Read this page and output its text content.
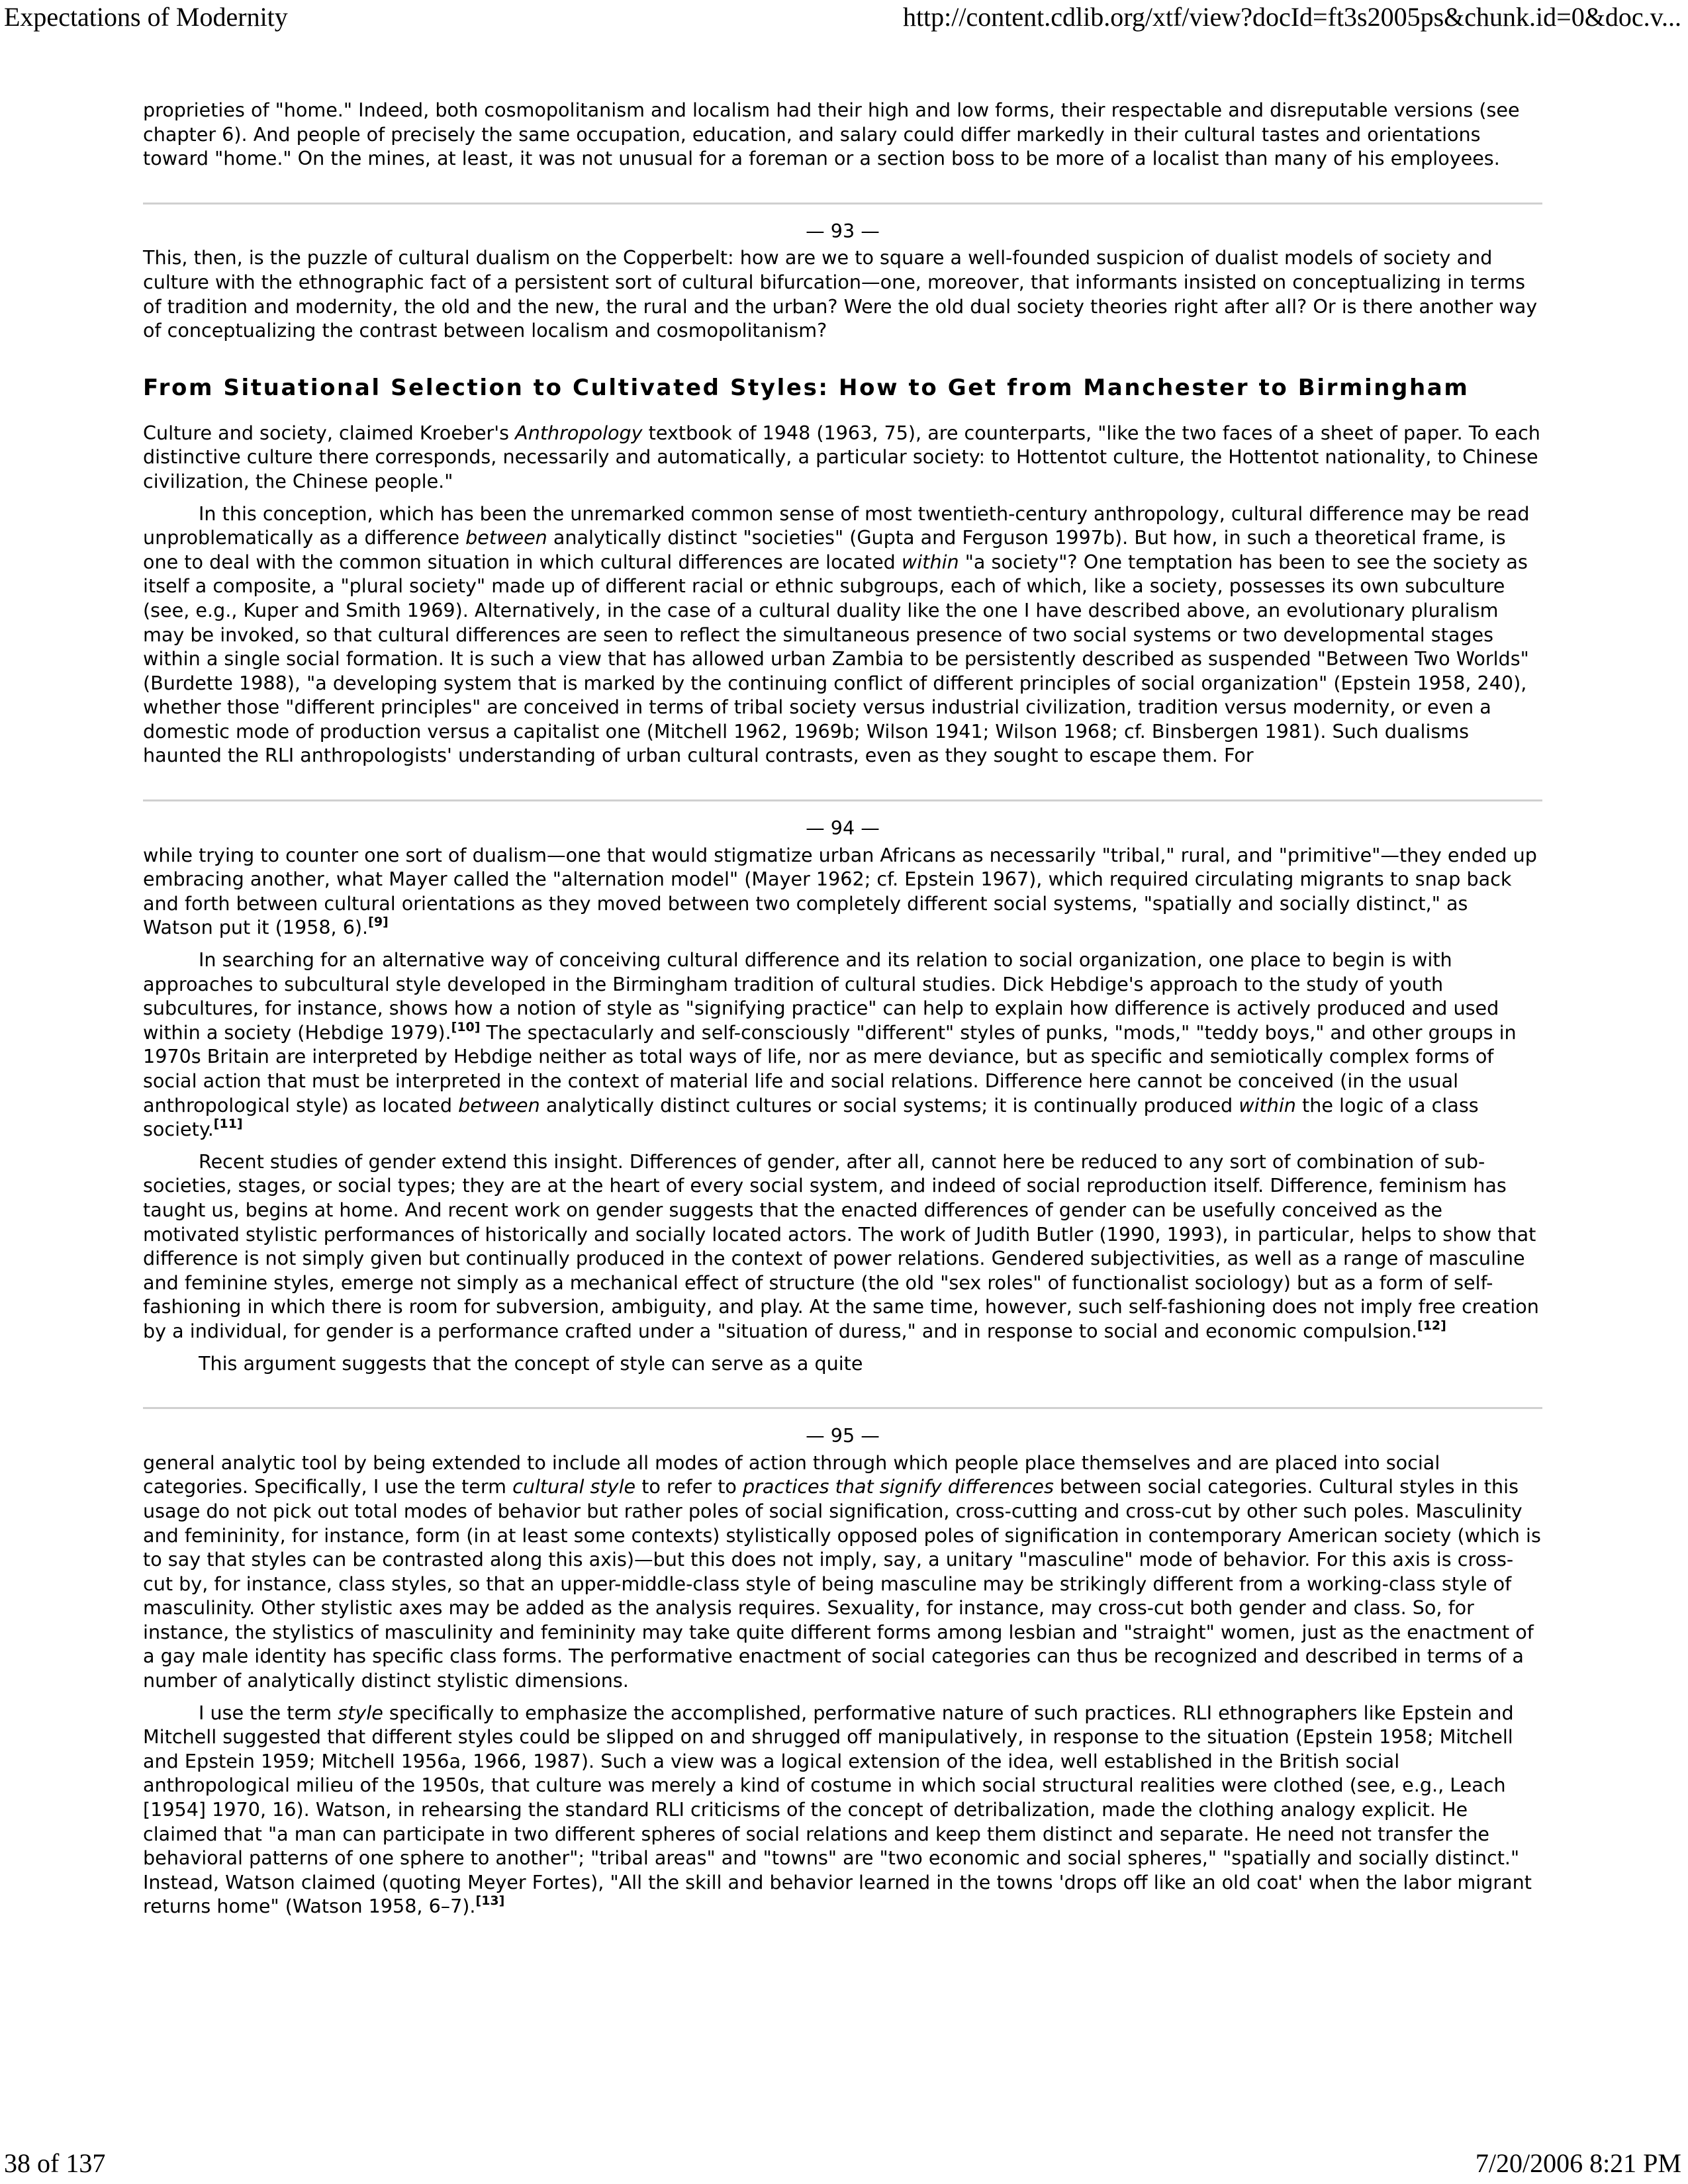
Expectations of Modernity	http://content.cdlib.org/xtf/view?docId=ft3s2005ps&chunk.id=0&doc.v...

proprieties of "home." Indeed, both cosmopolitanism and localism had their high and low forms, their respectable and disreputable versions (see chapter 6). And people of precisely the same occupation, education, and salary could differ markedly in their cultural tastes and orientations toward "home." On the mines, at least, it was not unusual for a foreman or a section boss to be more of a localist than many of his employees.

— 93 —

This, then, is the puzzle of cultural dualism on the Copperbelt: how are we to square a well-founded suspicion of dualist models of society and culture with the ethnographic fact of a persistent sort of cultural bifurcation—one, moreover, that informants insisted on conceptualizing in terms of tradition and modernity, the old and the new, the rural and the urban? Were the old dual society theories right after all? Or is there another way of conceptualizing the contrast between localism and cosmopolitanism?

From Situational Selection to Cultivated Styles: How to Get from Manchester to Birmingham

Culture and society, claimed Kroeber's Anthropology textbook of 1948 (1963, 75), are counterparts, "like the two faces of a sheet of paper. To each distinctive culture there corresponds, necessarily and automatically, a particular society: to Hottentot culture, the Hottentot nationality, to Chinese civilization, the Chinese people."

In this conception, which has been the unremarked common sense of most twentieth-century anthropology, cultural difference may be read unproblematically as a difference between analytically distinct "societies" (Gupta and Ferguson 1997b). But how, in such a theoretical frame, is one to deal with the common situation in which cultural differences are located within "a society"? One temptation has been to see the society as itself a composite, a "plural society" made up of different racial or ethnic subgroups, each of which, like a society, possesses its own subculture (see, e.g., Kuper and Smith 1969). Alternatively, in the case of a cultural duality like the one I have described above, an evolutionary pluralism may be invoked, so that cultural differences are seen to reflect the simultaneous presence of two social systems or two developmental stages within a single social formation. It is such a view that has allowed urban Zambia to be persistently described as suspended "Between Two Worlds" (Burdette 1988), "a developing system that is marked by the continuing conflict of different principles of social organization" (Epstein 1958, 240), whether those "different principles" are conceived in terms of tribal society versus industrial civilization, tradition versus modernity, or even a domestic mode of production versus a capitalist one (Mitchell 1962, 1969b; Wilson 1941; Wilson 1968; cf. Binsbergen 1981). Such dualisms haunted the RLI anthropologists' understanding of urban cultural contrasts, even as they sought to escape them. For

— 94 —

while trying to counter one sort of dualism—one that would stigmatize urban Africans as necessarily "tribal," rural, and "primitive"—they ended up embracing another, what Mayer called the "alternation model" (Mayer 1962; cf. Epstein 1967), which required circulating migrants to snap back and forth between cultural orientations as they moved between two completely different social systems, "spatially and socially distinct," as Watson put it (1958, 6).[9]

In searching for an alternative way of conceiving cultural difference and its relation to social organization, one place to begin is with approaches to subcultural style developed in the Birmingham tradition of cultural studies. Dick Hebdige's approach to the study of youth subcultures, for instance, shows how a notion of style as "signifying practice" can help to explain how difference is actively produced and used within a society (Hebdige 1979).[10] The spectacularly and self-consciously "different" styles of punks, "mods," "teddy boys," and other groups in 1970s Britain are interpreted by Hebdige neither as total ways of life, nor as mere deviance, but as specific and semiotically complex forms of social action that must be interpreted in the context of material life and social relations. Difference here cannot be conceived (in the usual anthropological style) as located between analytically distinct cultures or social systems; it is continually produced within the logic of a class society.[11]

Recent studies of gender extend this insight. Differences of gender, after all, cannot here be reduced to any sort of combination of sub-societies, stages, or social types; they are at the heart of every social system, and indeed of social reproduction itself. Difference, feminism has taught us, begins at home. And recent work on gender suggests that the enacted differences of gender can be usefully conceived as the motivated stylistic performances of historically and socially located actors. The work of Judith Butler (1990, 1993), in particular, helps to show that difference is not simply given but continually produced in the context of power relations. Gendered subjectivities, as well as a range of masculine and feminine styles, emerge not simply as a mechanical effect of structure (the old "sex roles" of functionalist sociology) but as a form of self-fashioning in which there is room for subversion, ambiguity, and play. At the same time, however, such self-fashioning does not imply free creation by a individual, for gender is a performance crafted under a "situation of duress," and in response to social and economic compulsion.[12]

This argument suggests that the concept of style can serve as a quite

— 95 —

general analytic tool by being extended to include all modes of action through which people place themselves and are placed into social categories. Specifically, I use the term cultural style to refer to practices that signify differences between social categories. Cultural styles in this usage do not pick out total modes of behavior but rather poles of social signification, cross-cutting and cross-cut by other such poles. Masculinity and femininity, for instance, form (in at least some contexts) stylistically opposed poles of signification in contemporary American society (which is to say that styles can be contrasted along this axis)—but this does not imply, say, a unitary "masculine" mode of behavior. For this axis is cross-cut by, for instance, class styles, so that an upper-middle-class style of being masculine may be strikingly different from a working-class style of masculinity. Other stylistic axes may be added as the analysis requires. Sexuality, for instance, may cross-cut both gender and class. So, for instance, the stylistics of masculinity and femininity may take quite different forms among lesbian and "straight" women, just as the enactment of a gay male identity has specific class forms. The performative enactment of social categories can thus be recognized and described in terms of a number of analytically distinct stylistic dimensions.

I use the term style specifically to emphasize the accomplished, performative nature of such practices. RLI ethnographers like Epstein and Mitchell suggested that different styles could be slipped on and shrugged off manipulatively, in response to the situation (Epstein 1958; Mitchell and Epstein 1959; Mitchell 1956a, 1966, 1987). Such a view was a logical extension of the idea, well established in the British social anthropological milieu of the 1950s, that culture was merely a kind of costume in which social structural realities were clothed (see, e.g., Leach [1954] 1970, 16). Watson, in rehearsing the standard RLI criticisms of the concept of detribalization, made the clothing analogy explicit. He claimed that "a man can participate in two different spheres of social relations and keep them distinct and separate. He need not transfer the behavioral patterns of one sphere to another"; "tribal areas" and "towns" are "two economic and social spheres," "spatially and socially distinct." Instead, Watson claimed (quoting Meyer Fortes), "All the skill and behavior learned in the towns 'drops off like an old coat' when the labor migrant returns home" (Watson 1958, 6–7).[13]

38 of 137	7/20/2006 8:21 PM
